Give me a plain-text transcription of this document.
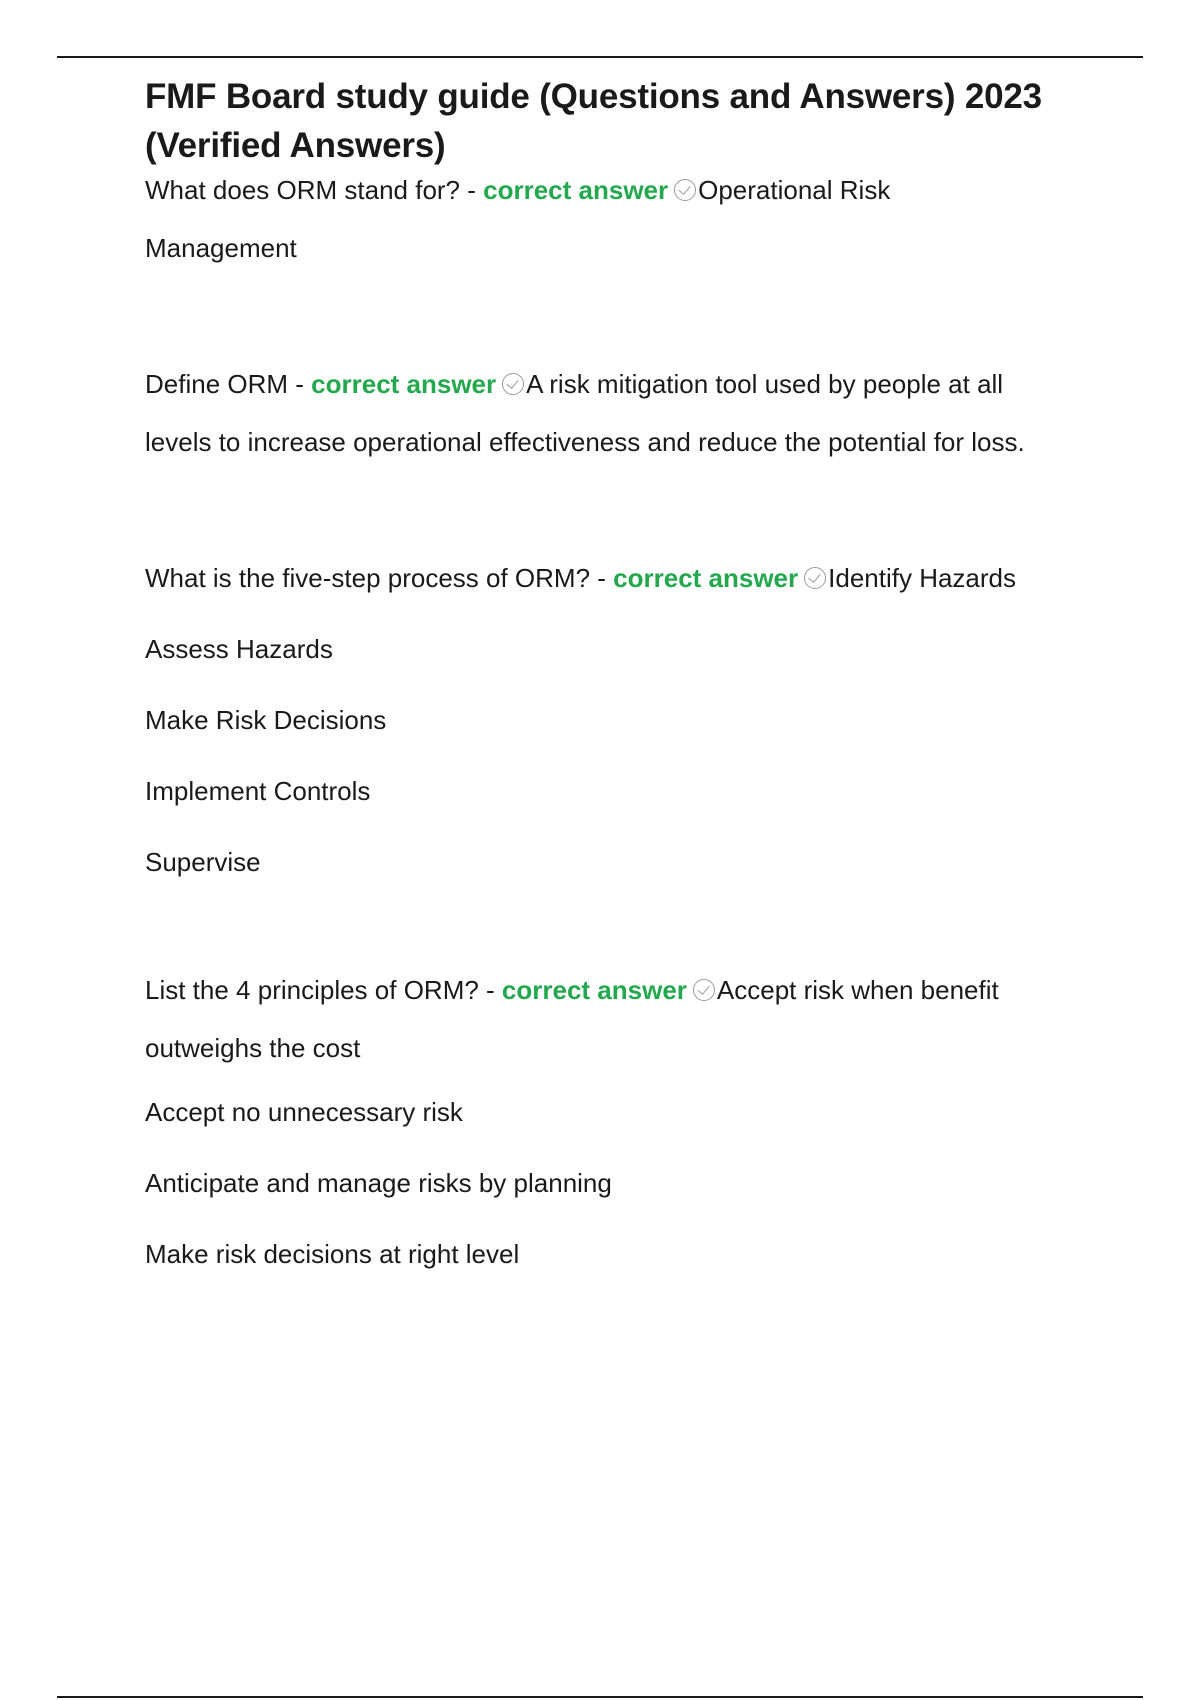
FMF Board study guide (Questions and Answers) 2023 (Verified Answers)

What does ORM stand for? - correct answer Operational Risk

Management

Define ORM - correct answer A risk mitigation tool used by people at all

levels to increase operational effectiveness and reduce the potential for loss.

What is the five-step process of ORM? - correct answer Identify Hazards

Assess Hazards

Make Risk Decisions

Implement Controls

Supervise

List the 4 principles of ORM? - correct answer Accept risk when benefit

outweighs the cost

Accept no unnecessary risk

Anticipate and manage risks by planning

Make risk decisions at right level
